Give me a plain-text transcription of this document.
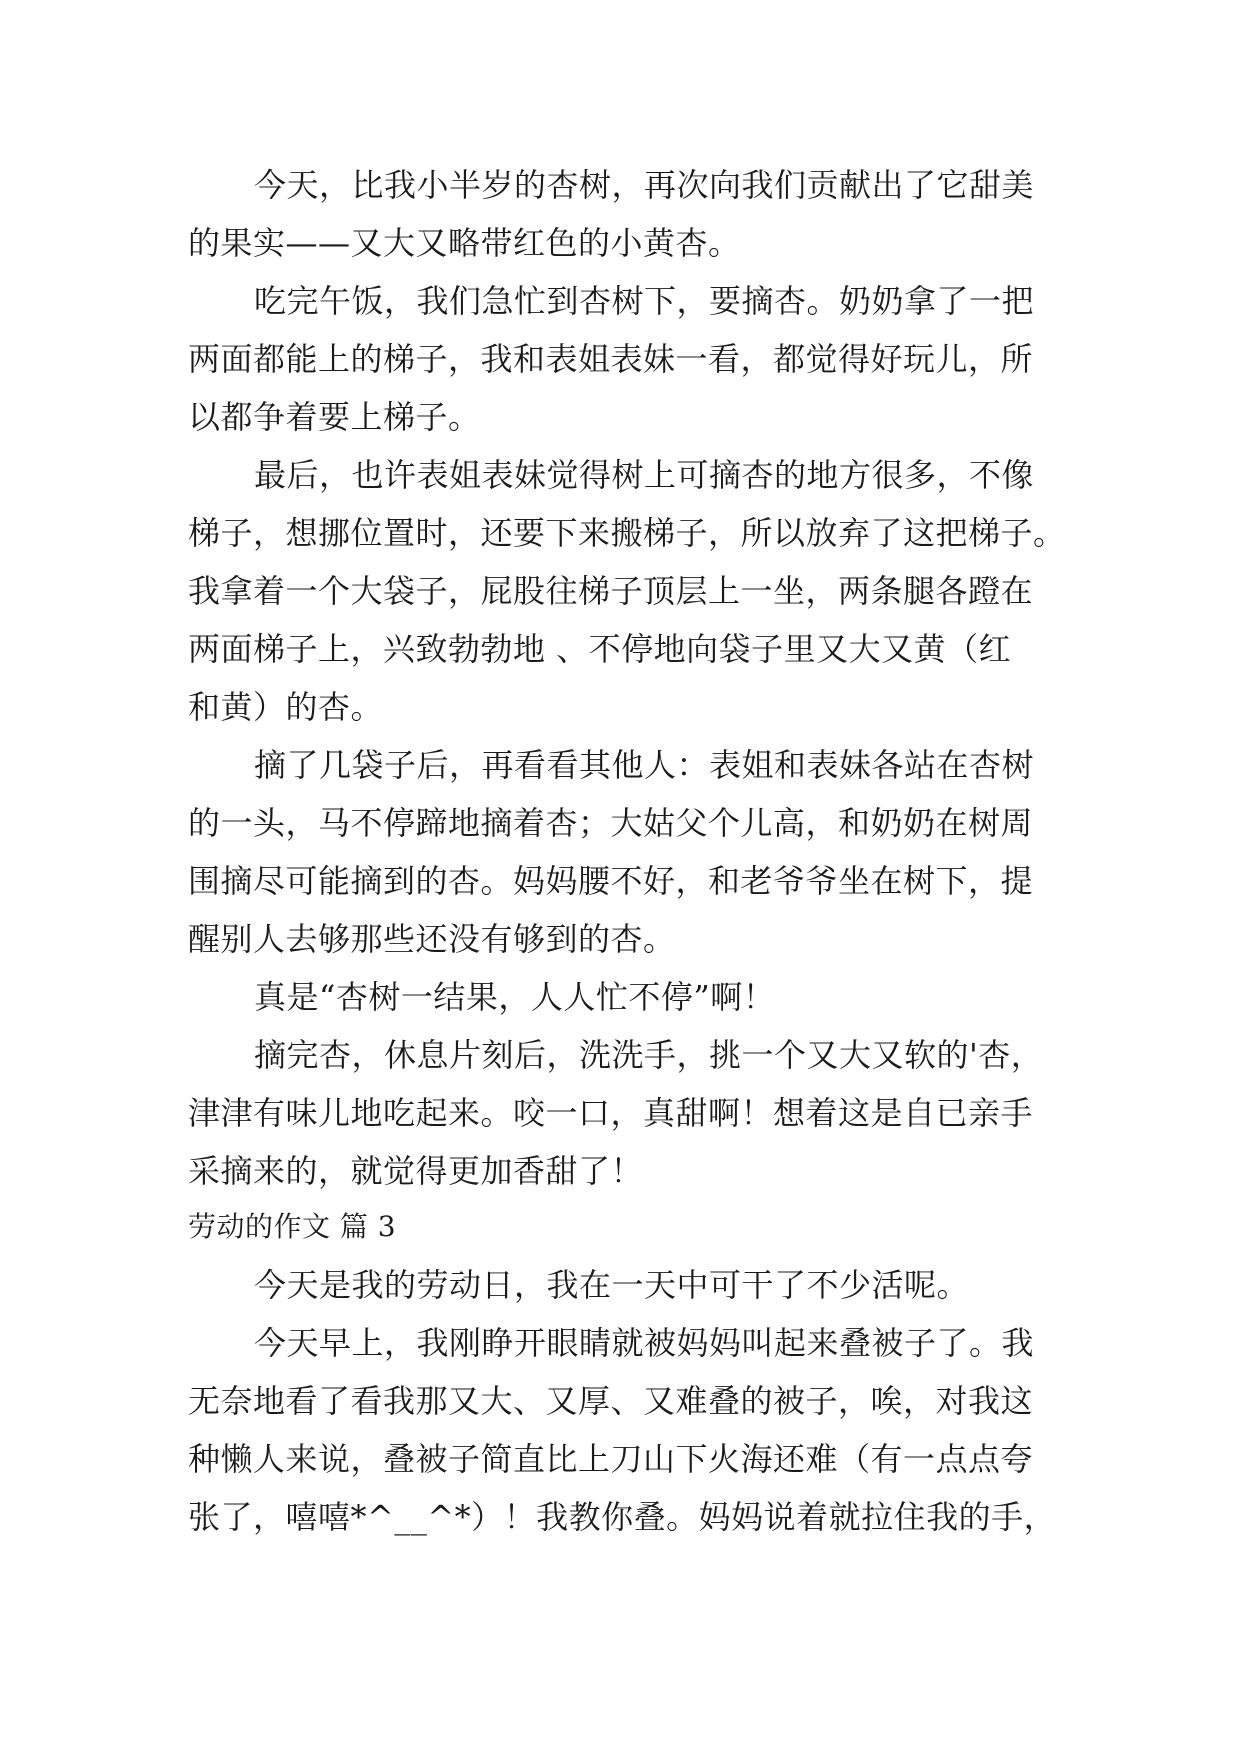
今天，比我小半岁的杏树，再次向我们贡献出了它甜美
的果实——又大又略带红色的小黄杏。
吃完午饭，我们急忙到杏树下，要摘杏。奶奶拿了一把
两面都能上的梯子，我和表姐表妹一看，都觉得好玩儿，所
以都争着要上梯子。
最后，也许表姐表妹觉得树上可摘杏的地方很多，不像
梯子，想挪位置时，还要下来搬梯子，所以放弃了这把梯子。
我拿着一个大袋子，屁股往梯子顶层上一坐，两条腿各蹬在
两面梯子上，兴致勃勃地 、不停地向袋子里又大又黄（红
和黄）的杏。
摘了几袋子后，再看看其他人：表姐和表妹各站在杏树
的一头，马不停蹄地摘着杏；大姑父个儿高，和奶奶在树周
围摘尽可能摘到的杏。妈妈腰不好，和老爷爷坐在树下，提
醒别人去够那些还没有够到的杏。
真是“杏树一结果，人人忙不停”啊！
摘完杏，休息片刻后，洗洗手，挑一个又大又软的'杏，
津津有味儿地吃起来。咬一口，真甜啊！想着这是自已亲手
采摘来的，就觉得更加香甜了！
劳动的作文 篇 3
今天是我的劳动日，我在一天中可干了不少活呢。
今天早上，我刚睁开眼睛就被妈妈叫起来叠被子了。我
无奈地看了看我那又大、又厚、又难叠的被子，唉，对我这
种懒人来说，叠被子简直比上刀山下火海还难（有一点点夸
张了，嘻嘻*^__^*）！我教你叠。妈妈说着就拉住我的手，
